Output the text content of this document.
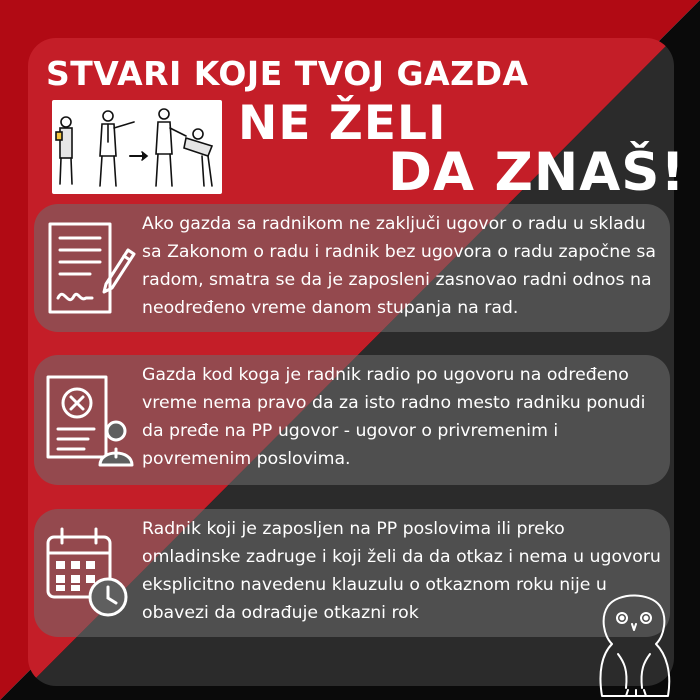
STVARI KOJE TVOJ GAZDA
NE ŽELI
DA ZNAŠ!
Ako gazda sa radnikom ne zaključi ugovor o radu u skladu sa Zakonom o radu i radnik bez ugovora o radu započne sa radom, smatra se da je zaposleni zasnovao radni odnos na neodređeno vreme danom stupanja na rad.
Gazda kod koga je radnik radio po ugovoru na određeno vreme nema pravo da za isto radno mesto radniku ponudi da pređe na PP ugovor - ugovor o privremenim i povremenim poslovima.
Radnik koji je zaposljen na PP poslovima ili preko omladinske zadruge i koji želi da da otkaz i nema u ugovoru eksplicitno navedenu klauzulu o otkaznom roku nije u obavezi da odrađuje otkazni rok
